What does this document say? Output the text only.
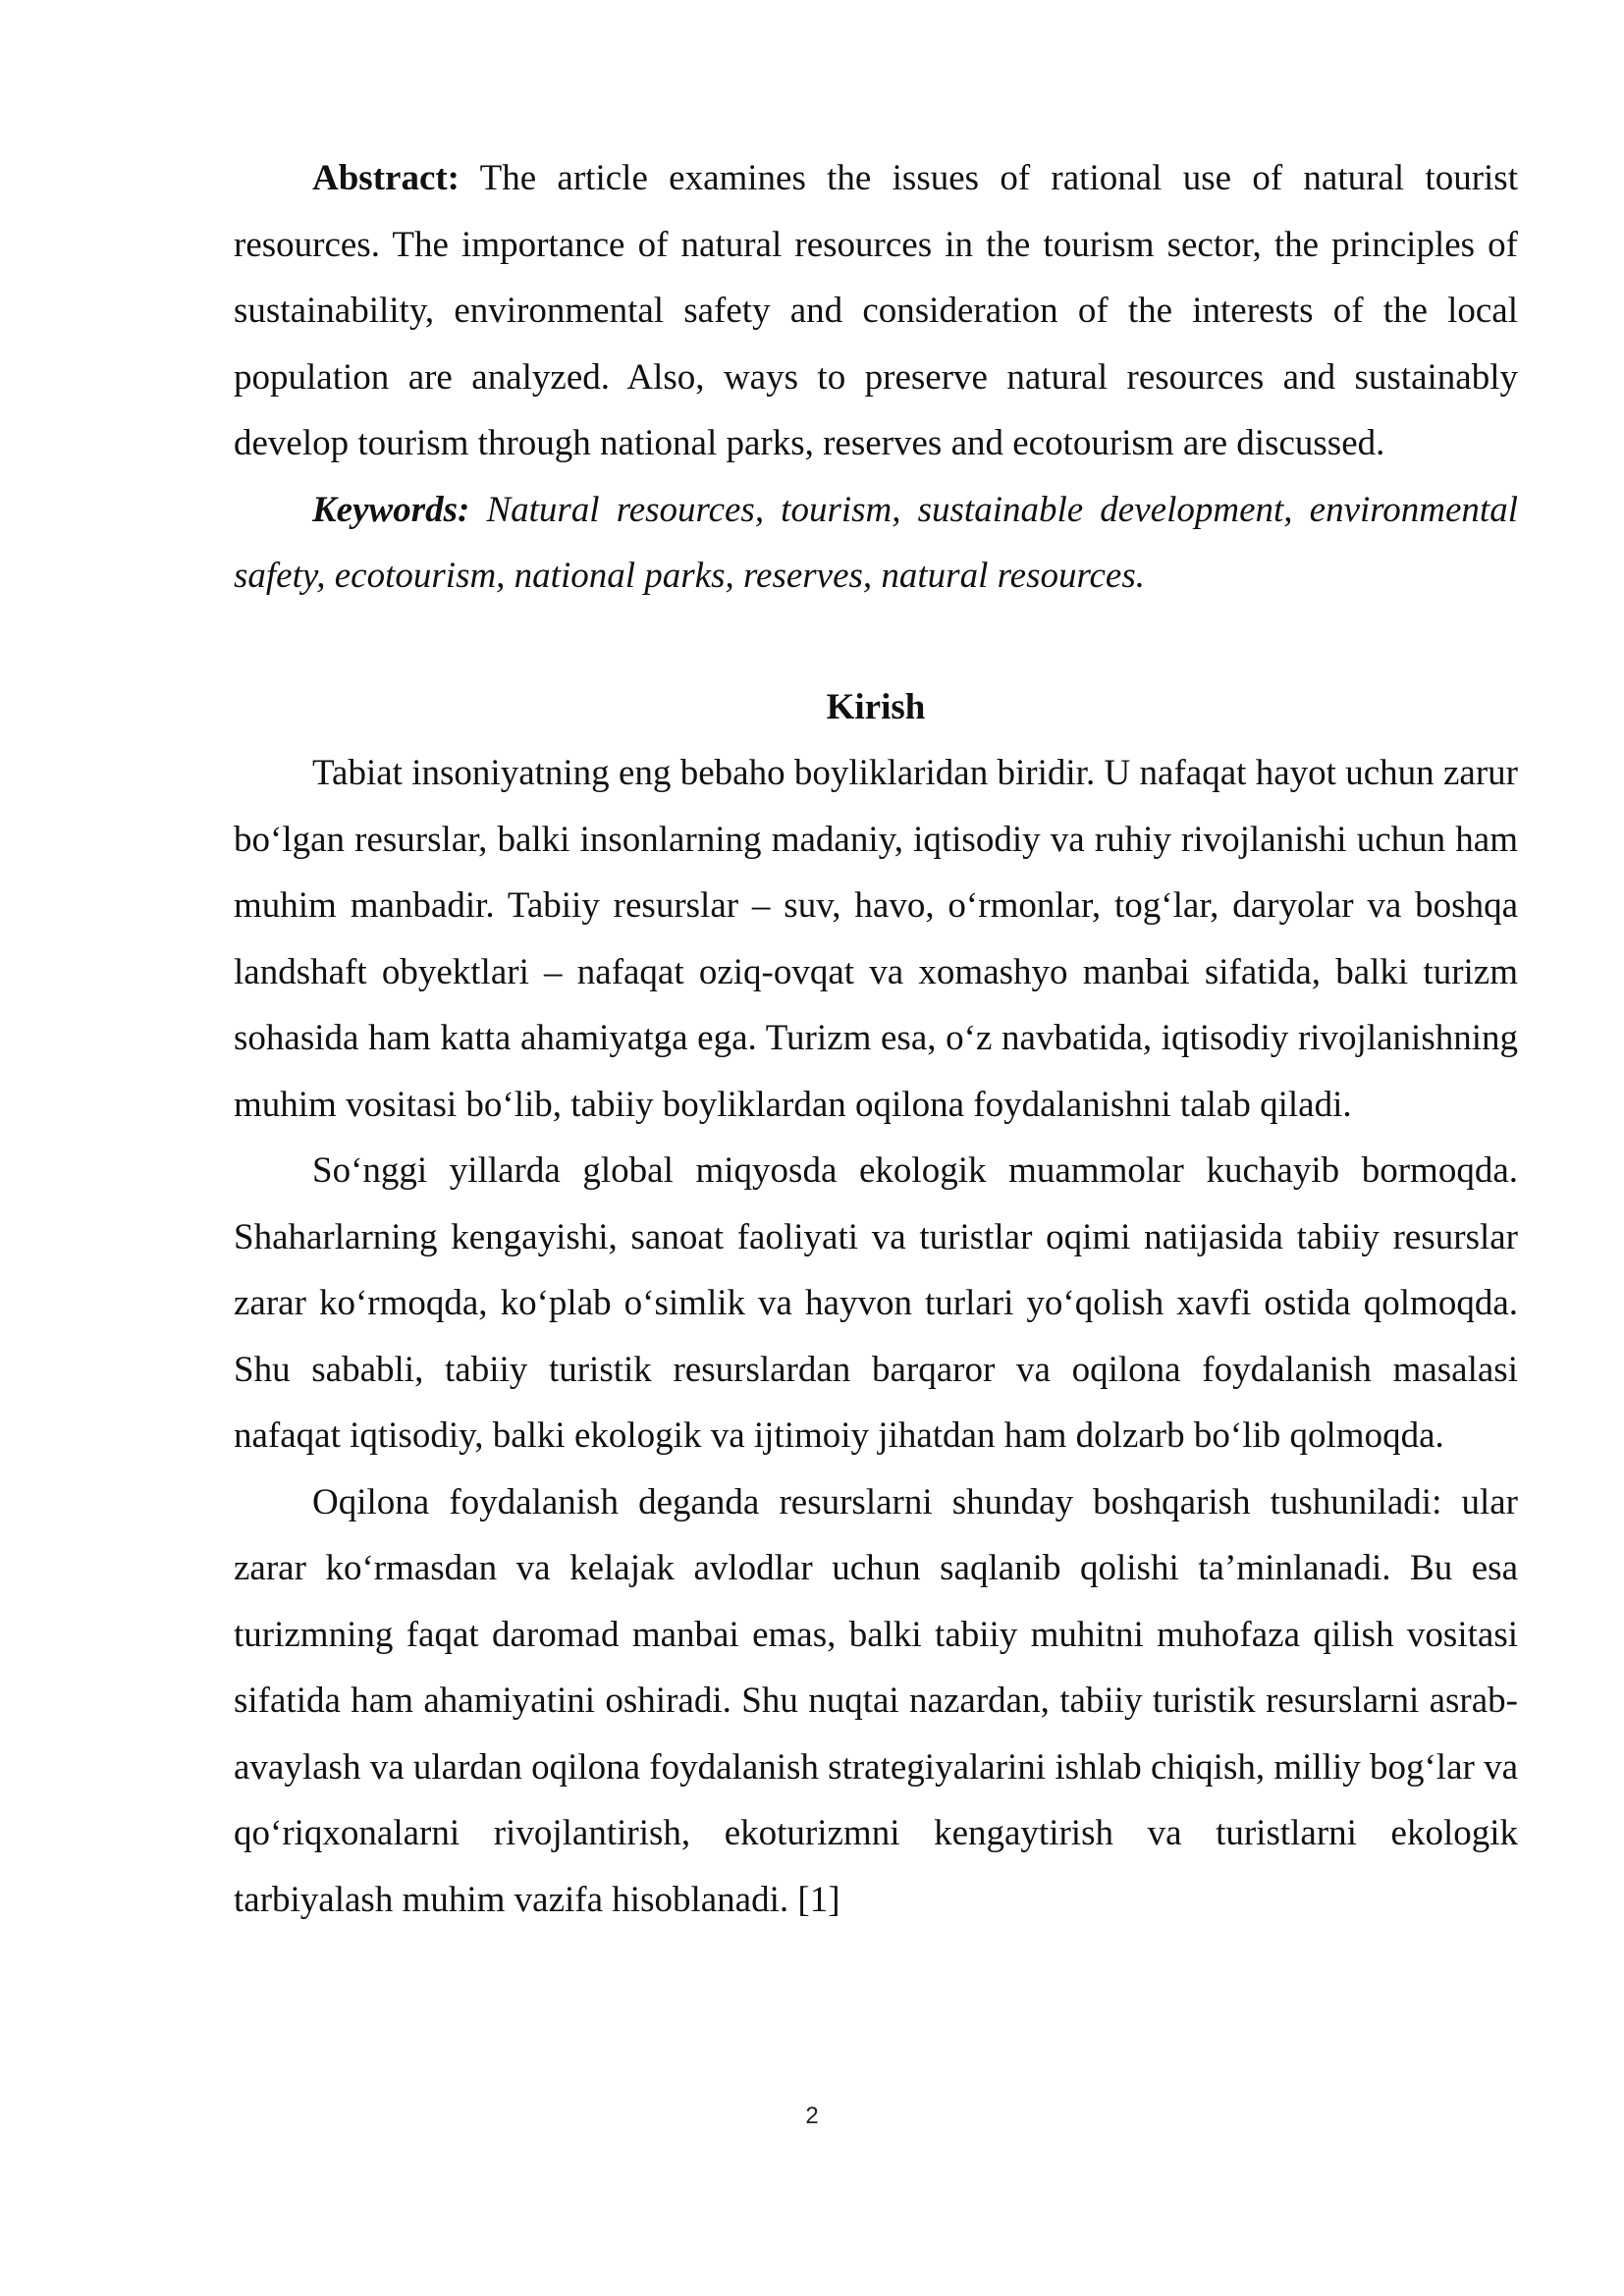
Abstract: The article examines the issues of rational use of natural tourist resources. The importance of natural resources in the tourism sector, the principles of sustainability, environmental safety and consideration of the interests of the local population are analyzed. Also, ways to preserve natural resources and sustainably develop tourism through national parks, reserves and ecotourism are discussed.

Keywords: Natural resources, tourism, sustainable development, environmental safety, ecotourism, national parks, reserves, natural resources.

Kirish

Tabiat insoniyatning eng bebaho boyliklaridan biridir. U nafaqat hayot uchun zarur bo‘lgan resurslar, balki insonlarning madaniy, iqtisodiy va ruhiy rivojlanishi uchun ham muhim manbadir. Tabiiy resurslar – suv, havo, o‘rmonlar, tog‘lar, daryolar va boshqa landshaft obyektlari – nafaqat oziq-ovqat va xomashyo manbai sifatida, balki turizm sohasida ham katta ahamiyatga ega. Turizm esa, o‘z navbatida, iqtisodiy rivojlanishning muhim vositasi bo‘lib, tabiiy boyliklardan oqilona foydalanishni talab qiladi.

So‘nggi yillarda global miqyosda ekologik muammolar kuchayib bormoqda. Shaharlarning kengayishi, sanoat faoliyati va turistlar oqimi natijasida tabiiy resurslar zarar ko‘rmoqda, ko‘plab o‘simlik va hayvon turlari yo‘qolish xavfi ostida qolmoqda. Shu sababli, tabiiy turistik resurslardan barqaror va oqilona foydalanish masalasi nafaqat iqtisodiy, balki ekologik va ijtimoiy jihatdan ham dolzarb bo‘lib qolmoqda.

Oqilona foydalanish deganda resurslarni shunday boshqarish tushuniladi: ular zarar ko‘rmasdan va kelajak avlodlar uchun saqlanib qolishi ta’minlanadi. Bu esa turizmning faqat daromad manbai emas, balki tabiiy muhitni muhofaza qilish vositasi sifatida ham ahamiyatini oshiradi. Shu nuqtai nazardan, tabiiy turistik resurslarni asrab-avaylash va ulardan oqilona foydalanish strategiyalarini ishlab chiqish, milliy bog‘lar va qo‘riqxonalarni rivojlantirish, ekoturizmni kengaytirish va turistlarni ekologik tarbiyalash muhim vazifa hisoblanadi. [1]

2
